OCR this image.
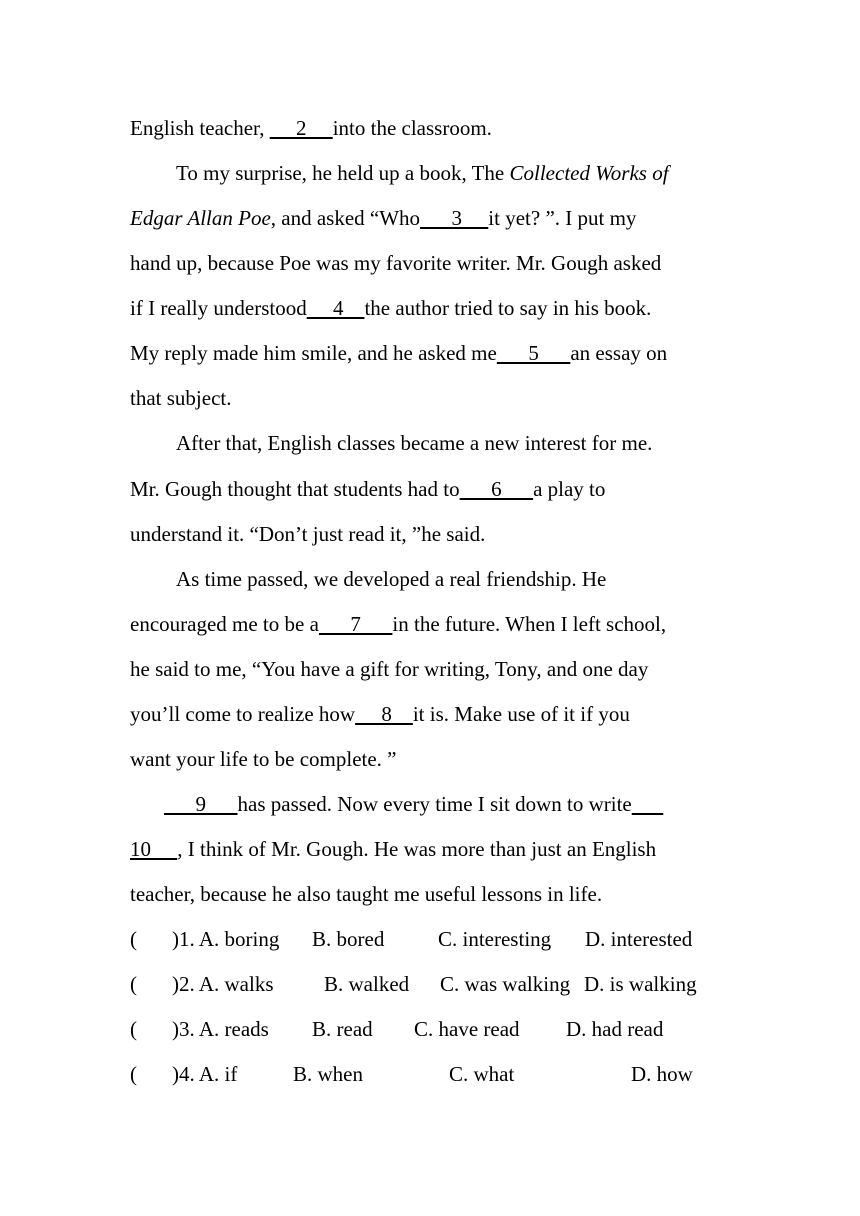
English teacher,      2     into the classroom.
To my surprise, he held up a book, The Collected Works of
Edgar Allan Poe, and asked “Who      3     it yet? ”. I put my
hand up, because Poe was my favorite writer. Mr. Gough asked
if I really understood     4    the author tried to say in his book.
My reply made him smile, and he asked me      5      an essay on
that subject.
After that, English classes became a new interest for me.
Mr. Gough thought that students had to      6      a play to
understand it. “Don’t just read it, ”he said.
As time passed, we developed a real friendship. He
encouraged me to be a      7      in the future. When I left school,
he said to me, “You have a gift for writing, Tony, and one day
you’ll come to realize how     8    it is. Make use of it if you
want your life to be complete. ”
9      has passed. Now every time I sit down to write
10     , I think of Mr. Gough. He was more than just an English
teacher, because he also taught me useful lessons in life.
( )1. A. boring B. bored	C. interesting D. interested
( )2. A. walks B. walked C. was walking D. is walking
( )3. A. reads B. read C. have read D. had read
( )4. A. if	B. when	C. what	D. how
